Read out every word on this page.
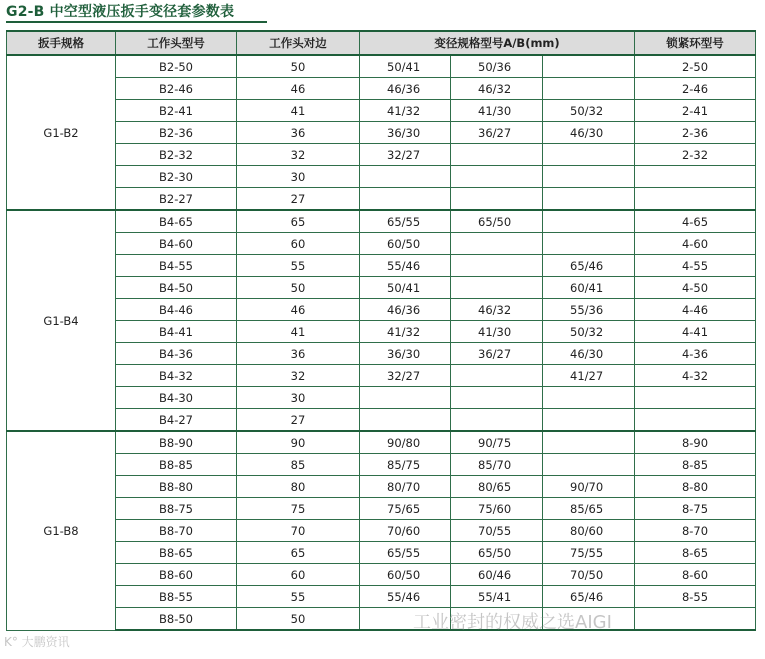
G2-B 中空型液压扳手变径套参数表
扳手规格	工作头型号	工作头对边	变径规格型号A/B(mm)			锁紧环型号
G1-B2	B2-50	50	50/41	50/36		2-50
	B2-46	46	46/36	46/32		2-46
	B2-41	41	41/32	41/30	50/32	2-41
	B2-36	36	36/30	36/27	46/30	2-36
	B2-32	32	32/27			2-32
	B2-30	30				
	B2-27	27				
G1-B4	B4-65	65	65/55	65/50		4-65
	B4-60	60	60/50			4-60
	B4-55	55	55/46		65/46	4-55
	B4-50	50	50/41		60/41	4-50
	B4-46	46	46/36	46/32	55/36	4-46
	B4-41	41	41/32	41/30	50/32	4-41
	B4-36	36	36/30	36/27	46/30	4-36
	B4-32	32	32/27		41/27	4-32
	B4-30	30				
	B4-27	27				
G1-B8	B8-90	90	90/80	90/75		8-90
	B8-85	85	85/75	85/70		8-85
	B8-80	80	80/70	80/65	90/70	8-80
	B8-75	75	75/65	75/60	85/65	8-75
	B8-70	70	70/60	70/55	80/60	8-70
	B8-65	65	65/55	65/50	75/55	8-65
	B8-60	60	60/50	60/46	70/50	8-60
	B8-55	55	55/46	55/41	65/46	8-55
	B8-50	50				
K° 大鹏资讯
工业密封的权威之选AIGI
